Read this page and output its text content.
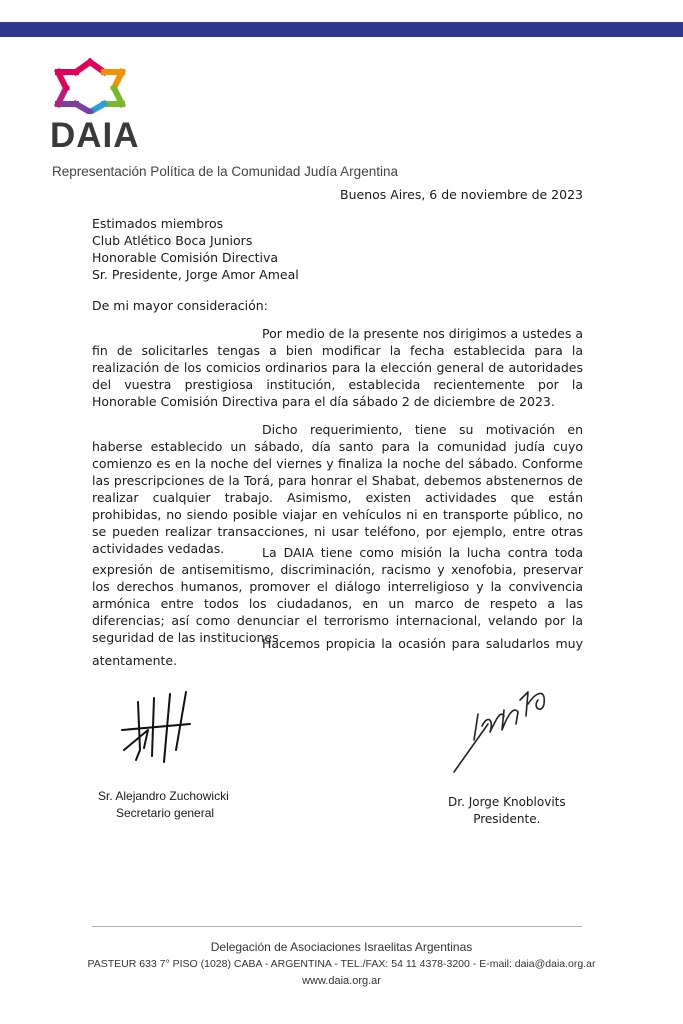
DAIA
Representación Política de la Comunidad Judía Argentina
Buenos Aires, 6 de noviembre de 2023
Estimados miembros
Club Atlético Boca Juniors
Honorable Comisión Directiva
Sr. Presidente, Jorge Amor Ameal
De mi mayor consideración:

Por medio de la presente nos dirigimos a ustedes a fin de solicitarles tengas a bien modificar la fecha establecida para la realización de los comicios ordinarios para la elección general de autoridades del vuestra prestigiosa institución, establecida recientemente por la Honorable Comisión Directiva para el día sábado 2 de diciembre de 2023.

Dicho requerimiento, tiene su motivación en haberse establecido un sábado, día santo para la comunidad judía cuyo comienzo es en la noche del viernes y finaliza la noche del sábado. Conforme las prescripciones de la Torá, para honrar el Shabat, debemos abstenernos de realizar cualquier trabajo. Asimismo, existen actividades que están prohibidas, no siendo posible viajar en vehículos ni en transporte público, no se pueden realizar transacciones, ni usar teléfono, por ejemplo, entre otras actividades vedadas.	La DAIA tiene como misión la lucha contra toda expresión de antisemitismo, discriminación, racismo y xenofobia, preservar los derechos humanos, promover el diálogo interreligioso y la convivencia armónica entre todos los ciudadanos, en un marco de respeto a las diferencias; así como denunciar el terrorismo internacional, velando por la seguridad de las instituciones

Hacemos propicia la ocasión para saludarlos muy atentamente.

Sr. Alejandro Zuchowicki
Secretario general
Dr. Jorge Knoblovits
Presidente.
Delegación de Asociaciones Israelitas Argentinas
PASTEUR 633 7° PISO (1028) CABA - ARGENTINA - TEL./FAX: 54 11 4378-3200 - E-mail: daia@daia.org.ar
www.daia.org.ar
